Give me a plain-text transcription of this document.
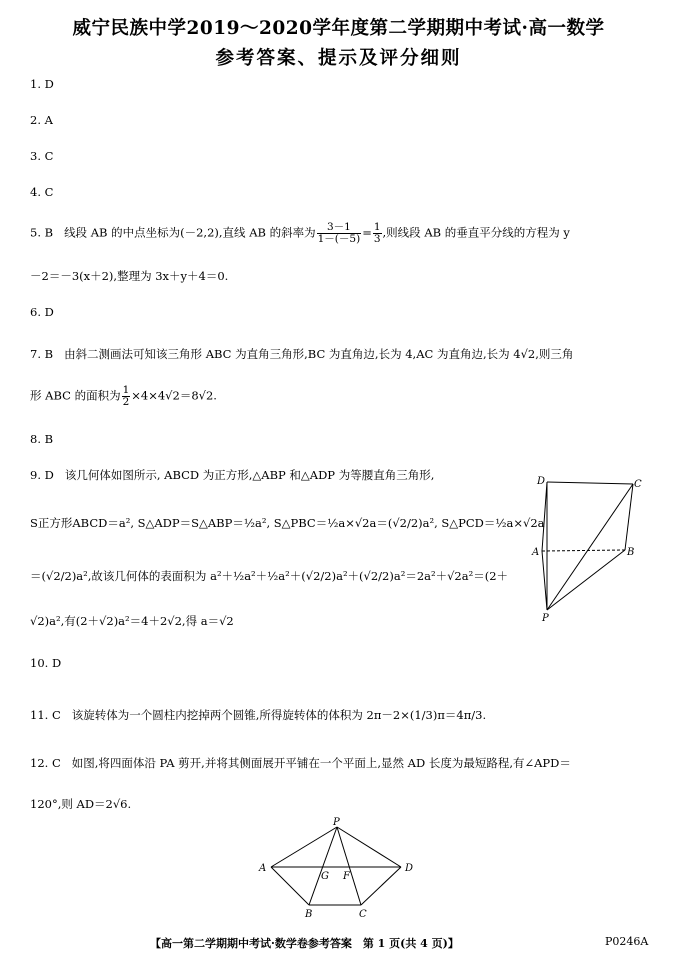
威宁民族中学2019～2020学年度第二学期期中考试·高一数学
参考答案、提示及评分细则
1. D
2. A
3. C
4. C
5. B 线段 AB 的中点坐标为(－2,2),直线 AB 的斜率为 $\frac{3-1}{1-(-5)} = \frac{1}{3}$ ,则线段 AB 的垂直平分线的方程为 y
－2＝－3(x＋2),整理为 3x＋y＋4＝0.
6. D
7. B 由斜二测画法可知该三角形 ABC 为直角三角形,BC 为直角边,长为 4,AC 为直角边,长为 4√2,则三角
形 ABC 的面积为 $\frac{1}{2} \times 4\times 4√2=8√2$.
8. B
9. D 该几何体如图所示, ABCD 为正方形,△ABP 和△ADP 为等腰直角三角形,
S正方形ABCD＝a², S△ADP＝S△ABP＝½a², S△PBC＝½a×√2a＝(√2/2)a², S△PCD＝½a×√2a
＝(√2/2)a²,故该几何体的表面积为 a²＋½a²＋½a²＋(√2/2)a²＋(√2/2)a²＝2a²＋√2a²＝(2＋
√2)a²,有(2＋√2)a²＝4＋2√2,得 a＝√2
D	C
A	B
P
10. D
11. C 该旋转体为一个圆柱内挖掉两个圆锥,所得旋转体的体积为 2π－2×(1/3)π＝4π/3.
12. C 如图,将四面体沿 PA 剪开,并将其侧面展开平铺在一个平面上,显然 AD 长度为最短路程,有∠APD＝
120°,则 AD＝2√6.
P
A
G F
D
B	C
【高一第二学期期中考试·数学卷参考答案　第 1 页(共 4 页)】	P0246A
